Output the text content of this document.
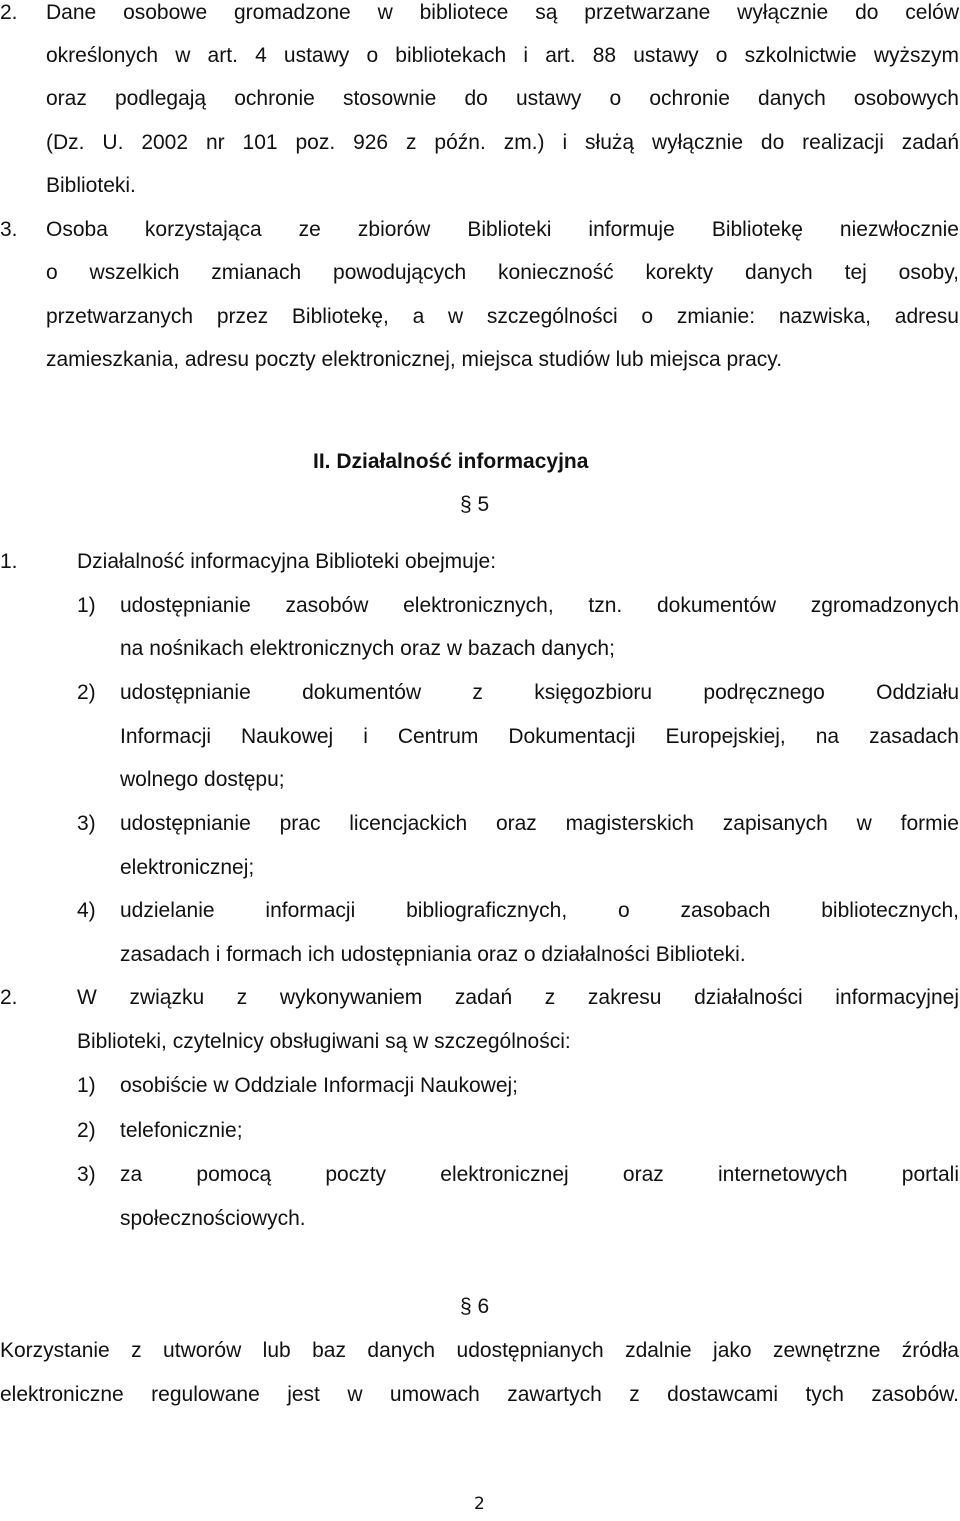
2. Dane osobowe gromadzone w bibliotece są przetwarzane wyłącznie do celów
określonych w art. 4 ustawy o bibliotekach i art. 88 ustawy o szkolnictwie wyższym
oraz podlegają ochronie stosownie do ustawy o ochronie danych osobowych
(Dz. U. 2002 nr 101 poz. 926 z późn. zm.) i służą wyłącznie do realizacji zadań
Biblioteki.
3. Osoba korzystająca ze zbiorów Biblioteki informuje Bibliotekę niezwłocznie
o wszelkich zmianach powodujących konieczność korekty danych tej osoby,
przetwarzanych przez Bibliotekę, a w szczególności o zmianie: nazwiska, adresu
zamieszkania, adresu poczty elektronicznej, miejsca studiów lub miejsca pracy.
II. Działalność informacyjna
§ 5
1.	Działalność informacyjna Biblioteki obejmuje:
1) udostępnianie zasobów elektronicznych, tzn. dokumentów zgromadzonych
na nośnikach elektronicznych oraz w bazach danych;
2) udostępnianie dokumentów z księgozbioru podręcznego Oddziału
Informacji Naukowej i Centrum Dokumentacji Europejskiej, na zasadach
wolnego dostępu;
3) udostępnianie prac licencjackich oraz magisterskich zapisanych w formie
elektronicznej;
4) udzielanie informacji bibliograficznych, o zasobach bibliotecznych,
zasadach i formach ich udostępniania oraz o działalności Biblioteki.
2.	W związku z wykonywaniem zadań z zakresu działalności informacyjnej
Biblioteki, czytelnicy obsługiwani są w szczególności:
1) osobiście w Oddziale Informacji Naukowej;
2) telefonicznie;
3) za pomocą poczty elektronicznej oraz internetowych portali
społecznościowych.
§ 6
Korzystanie z utworów lub baz danych udostępnianych zdalnie jako zewnętrzne źródła
elektroniczne regulowane jest w umowach zawartych z dostawcami tych zasobów.
2
